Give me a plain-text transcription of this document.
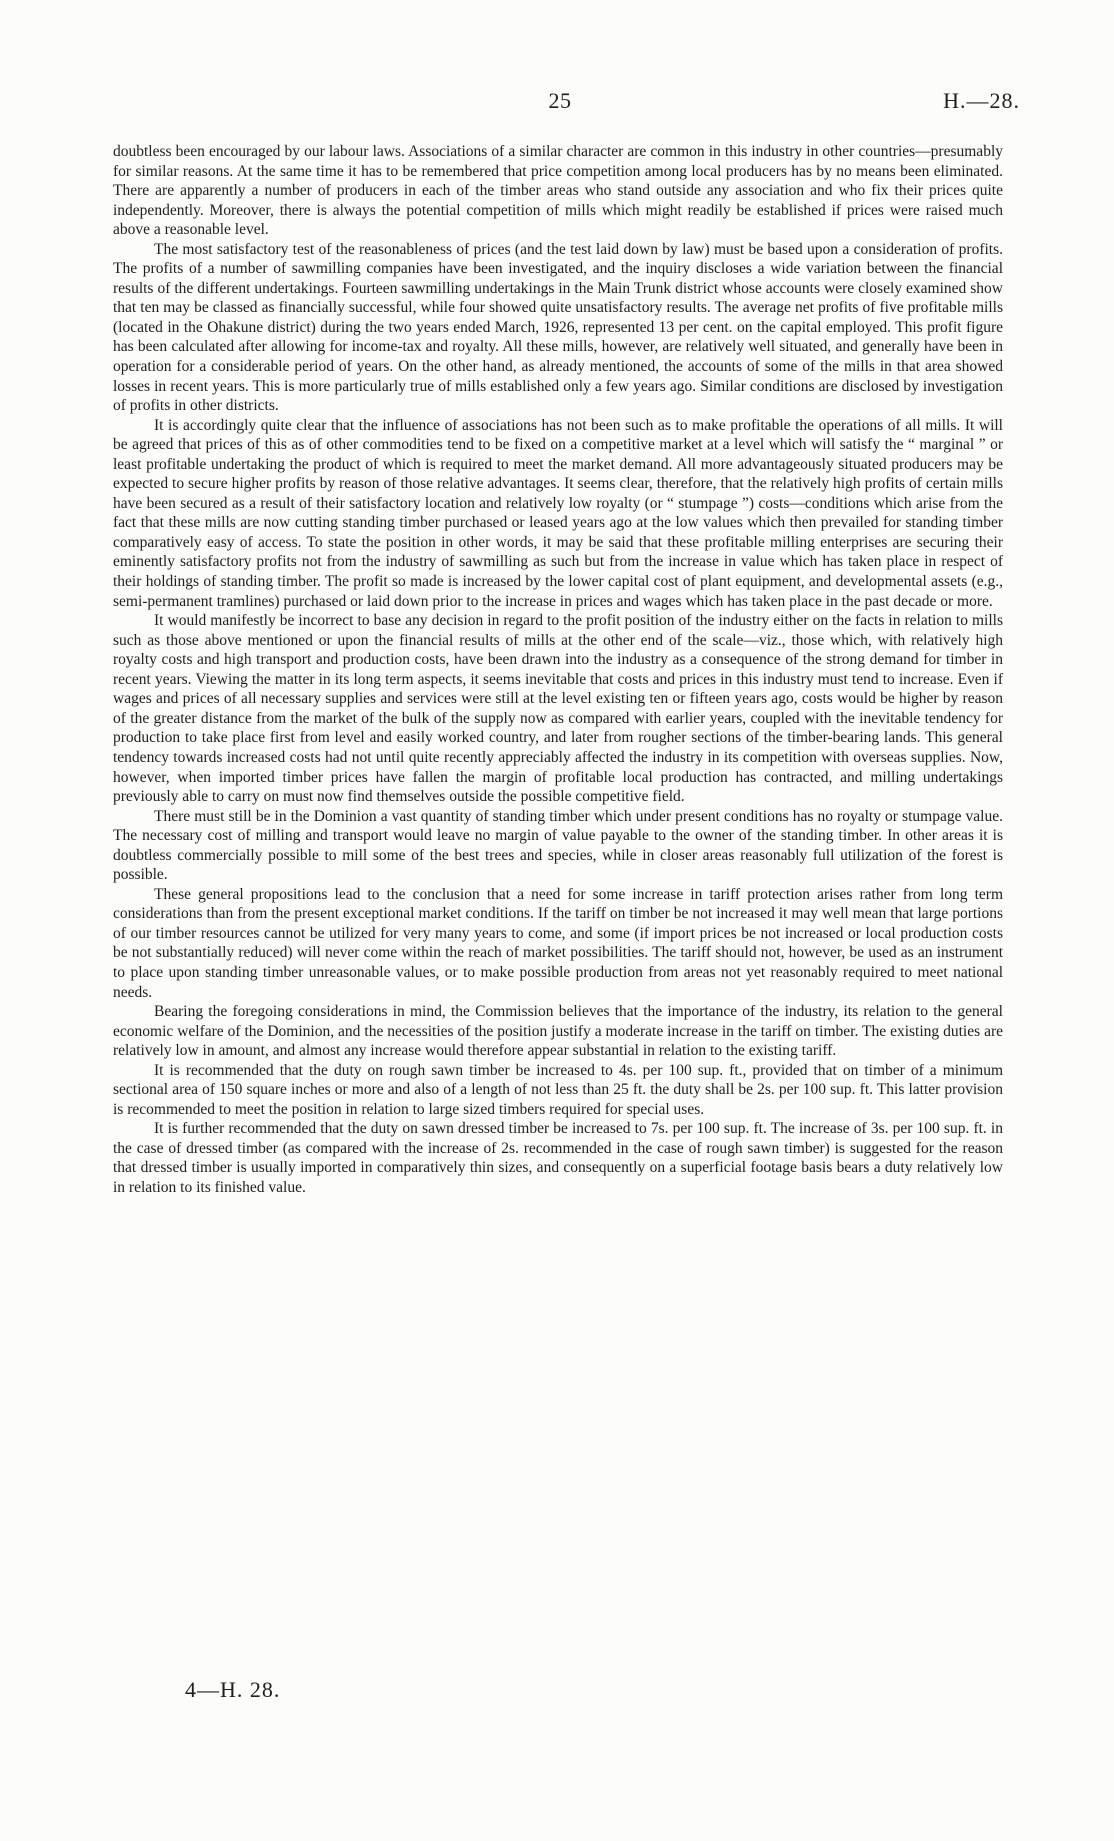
25	H.—28.

doubtless been encouraged by our labour laws. Associations of a similar character are common in this industry in other countries—presumably for similar reasons. At the same time it has to be remembered that price competition among local producers has by no means been eliminated. There are apparently a number of producers in each of the timber areas who stand outside any association and who fix their prices quite independently. Moreover, there is always the potential competition of mills which might readily be established if prices were raised much above a reasonable level.

The most satisfactory test of the reasonableness of prices (and the test laid down by law) must be based upon a consideration of profits. The profits of a number of sawmilling companies have been investigated, and the inquiry discloses a wide variation between the financial results of the different undertakings. Fourteen sawmilling undertakings in the Main Trunk district whose accounts were closely examined show that ten may be classed as financially successful, while four showed quite unsatisfactory results. The average net profits of five profitable mills (located in the Ohakune district) during the two years ended March, 1926, represented 13 per cent. on the capital employed. This profit figure has been calculated after allowing for income-tax and royalty. All these mills, however, are relatively well situated, and generally have been in operation for a considerable period of years. On the other hand, as already mentioned, the accounts of some of the mills in that area showed losses in recent years. This is more particularly true of mills established only a few years ago. Similar conditions are disclosed by investigation of profits in other districts.

It is accordingly quite clear that the influence of associations has not been such as to make profitable the operations of all mills. It will be agreed that prices of this as of other commodities tend to be fixed on a competitive market at a level which will satisfy the “ marginal ” or least profitable undertaking the product of which is required to meet the market demand. All more advantageously situated producers may be expected to secure higher profits by reason of those relative advantages. It seems clear, therefore, that the relatively high profits of certain mills have been secured as a result of their satisfactory location and relatively low royalty (or “ stumpage ”) costs—conditions which arise from the fact that these mills are now cutting standing timber purchased or leased years ago at the low values which then prevailed for standing timber comparatively easy of access. To state the position in other words, it may be said that these profitable milling enterprises are securing their eminently satisfactory profits not from the industry of sawmilling as such but from the increase in value which has taken place in respect of their holdings of standing timber. The profit so made is increased by the lower capital cost of plant equipment, and developmental assets (e.g., semi-permanent tramlines) purchased or laid down prior to the increase in prices and wages which has taken place in the past decade or more.

It would manifestly be incorrect to base any decision in regard to the profit position of the industry either on the facts in relation to mills such as those above mentioned or upon the financial results of mills at the other end of the scale—viz., those which, with relatively high royalty costs and high transport and production costs, have been drawn into the industry as a consequence of the strong demand for timber in recent years. Viewing the matter in its long term aspects, it seems inevitable that costs and prices in this industry must tend to increase. Even if wages and prices of all necessary supplies and services were still at the level existing ten or fifteen years ago, costs would be higher by reason of the greater distance from the market of the bulk of the supply now as compared with earlier years, coupled with the inevitable tendency for production to take place first from level and easily worked country, and later from rougher sections of the timber-bearing lands. This general tendency towards increased costs had not until quite recently appreciably affected the industry in its competition with overseas supplies. Now, however, when imported timber prices have fallen the margin of profitable local production has contracted, and milling undertakings previously able to carry on must now find themselves outside the possible competitive field.

There must still be in the Dominion a vast quantity of standing timber which under present conditions has no royalty or stumpage value. The necessary cost of milling and transport would leave no margin of value payable to the owner of the standing timber. In other areas it is doubtless commercially possible to mill some of the best trees and species, while in closer areas reasonably full utilization of the forest is possible.

These general propositions lead to the conclusion that a need for some increase in tariff protection arises rather from long term considerations than from the present exceptional market conditions. If the tariff on timber be not increased it may well mean that large portions of our timber resources cannot be utilized for very many years to come, and some (if import prices be not increased or local production costs be not substantially reduced) will never come within the reach of market possibilities. The tariff should not, however, be used as an instrument to place upon standing timber unreasonable values, or to make possible production from areas not yet reasonably required to meet national needs.

Bearing the foregoing considerations in mind, the Commission believes that the importance of the industry, its relation to the general economic welfare of the Dominion, and the necessities of the position justify a moderate increase in the tariff on timber. The existing duties are relatively low in amount, and almost any increase would therefore appear substantial in relation to the existing tariff.

It is recommended that the duty on rough sawn timber be increased to 4s. per 100 sup. ft., provided that on timber of a minimum sectional area of 150 square inches or more and also of a length of not less than 25 ft. the duty shall be 2s. per 100 sup. ft. This latter provision is recommended to meet the position in relation to large sized timbers required for special uses.

It is further recommended that the duty on sawn dressed timber be increased to 7s. per 100 sup. ft. The increase of 3s. per 100 sup. ft. in the case of dressed timber (as compared with the increase of 2s. recommended in the case of rough sawn timber) is suggested for the reason that dressed timber is usually imported in comparatively thin sizes, and consequently on a superficial footage basis bears a duty relatively low in relation to its finished value.

4—H. 28.
